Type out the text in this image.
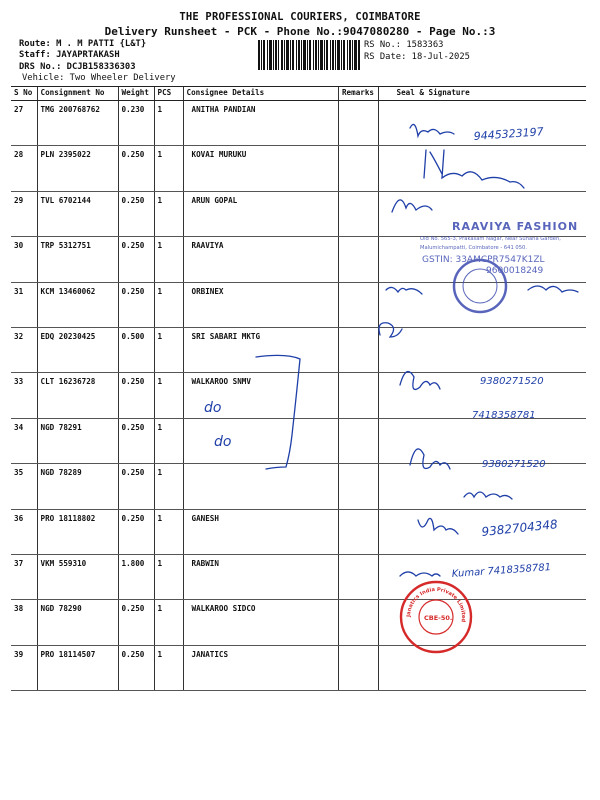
THE PROFESSIONAL COURIERS, COIMBATORE
Delivery Runsheet - PCK - Phone No.:9047080280 - Page No.:3
Route: M . M PATTI {L&T}
Staff: JAYAPRTAKASH
DRS No.: DCJB158336303
Vehicle: Two Wheeler Delivery
RS No.: 1583363
RS Date: 18-Jul-2025
S No	Consignment No	Weight	PCS	Consignee Details	Remarks	Seal & Signature
27	TMG 200768762	0.230	1	ANITHA PANDIAN		
28	PLN 2395022	0.250	1	KOVAI MURUKU		
29	TVL 6702144	0.250	1	ARUN GOPAL		
30	TRP 5312751	0.250	1	RAAVIYA		
31	KCM 13460062	0.250	1	ORBINEX		
32	EDQ 20230425	0.500	1	SRI SABARI MKTG		
33	CLT 16236728	0.250	1	WALKAROO SNMV		
34	NGD 78291	0.250	1			
35	NGD 78289	0.250	1			
36	PRO 18118802	0.250	1	GANESH		
37	VKM 559310	1.800	1	RABWIN		
38	NGD 78290	0.250	1	WALKAROO SIDCO		
39	PRO 18114507	0.250	1	JANATICS		
do
do
9445323197
9380271520
7418358781
9380271520
9382704348
Kumar 7418358781
RAAVIYA FASHION
Old No. 565-3, Prakasam Nagar, Near Suhana Garden,
Malumichampatti, Coimbatore - 641 050.
GSTIN: 33AMCPR7547K1ZL
9600018249
CBE-50.
Janatics India Private Limited
